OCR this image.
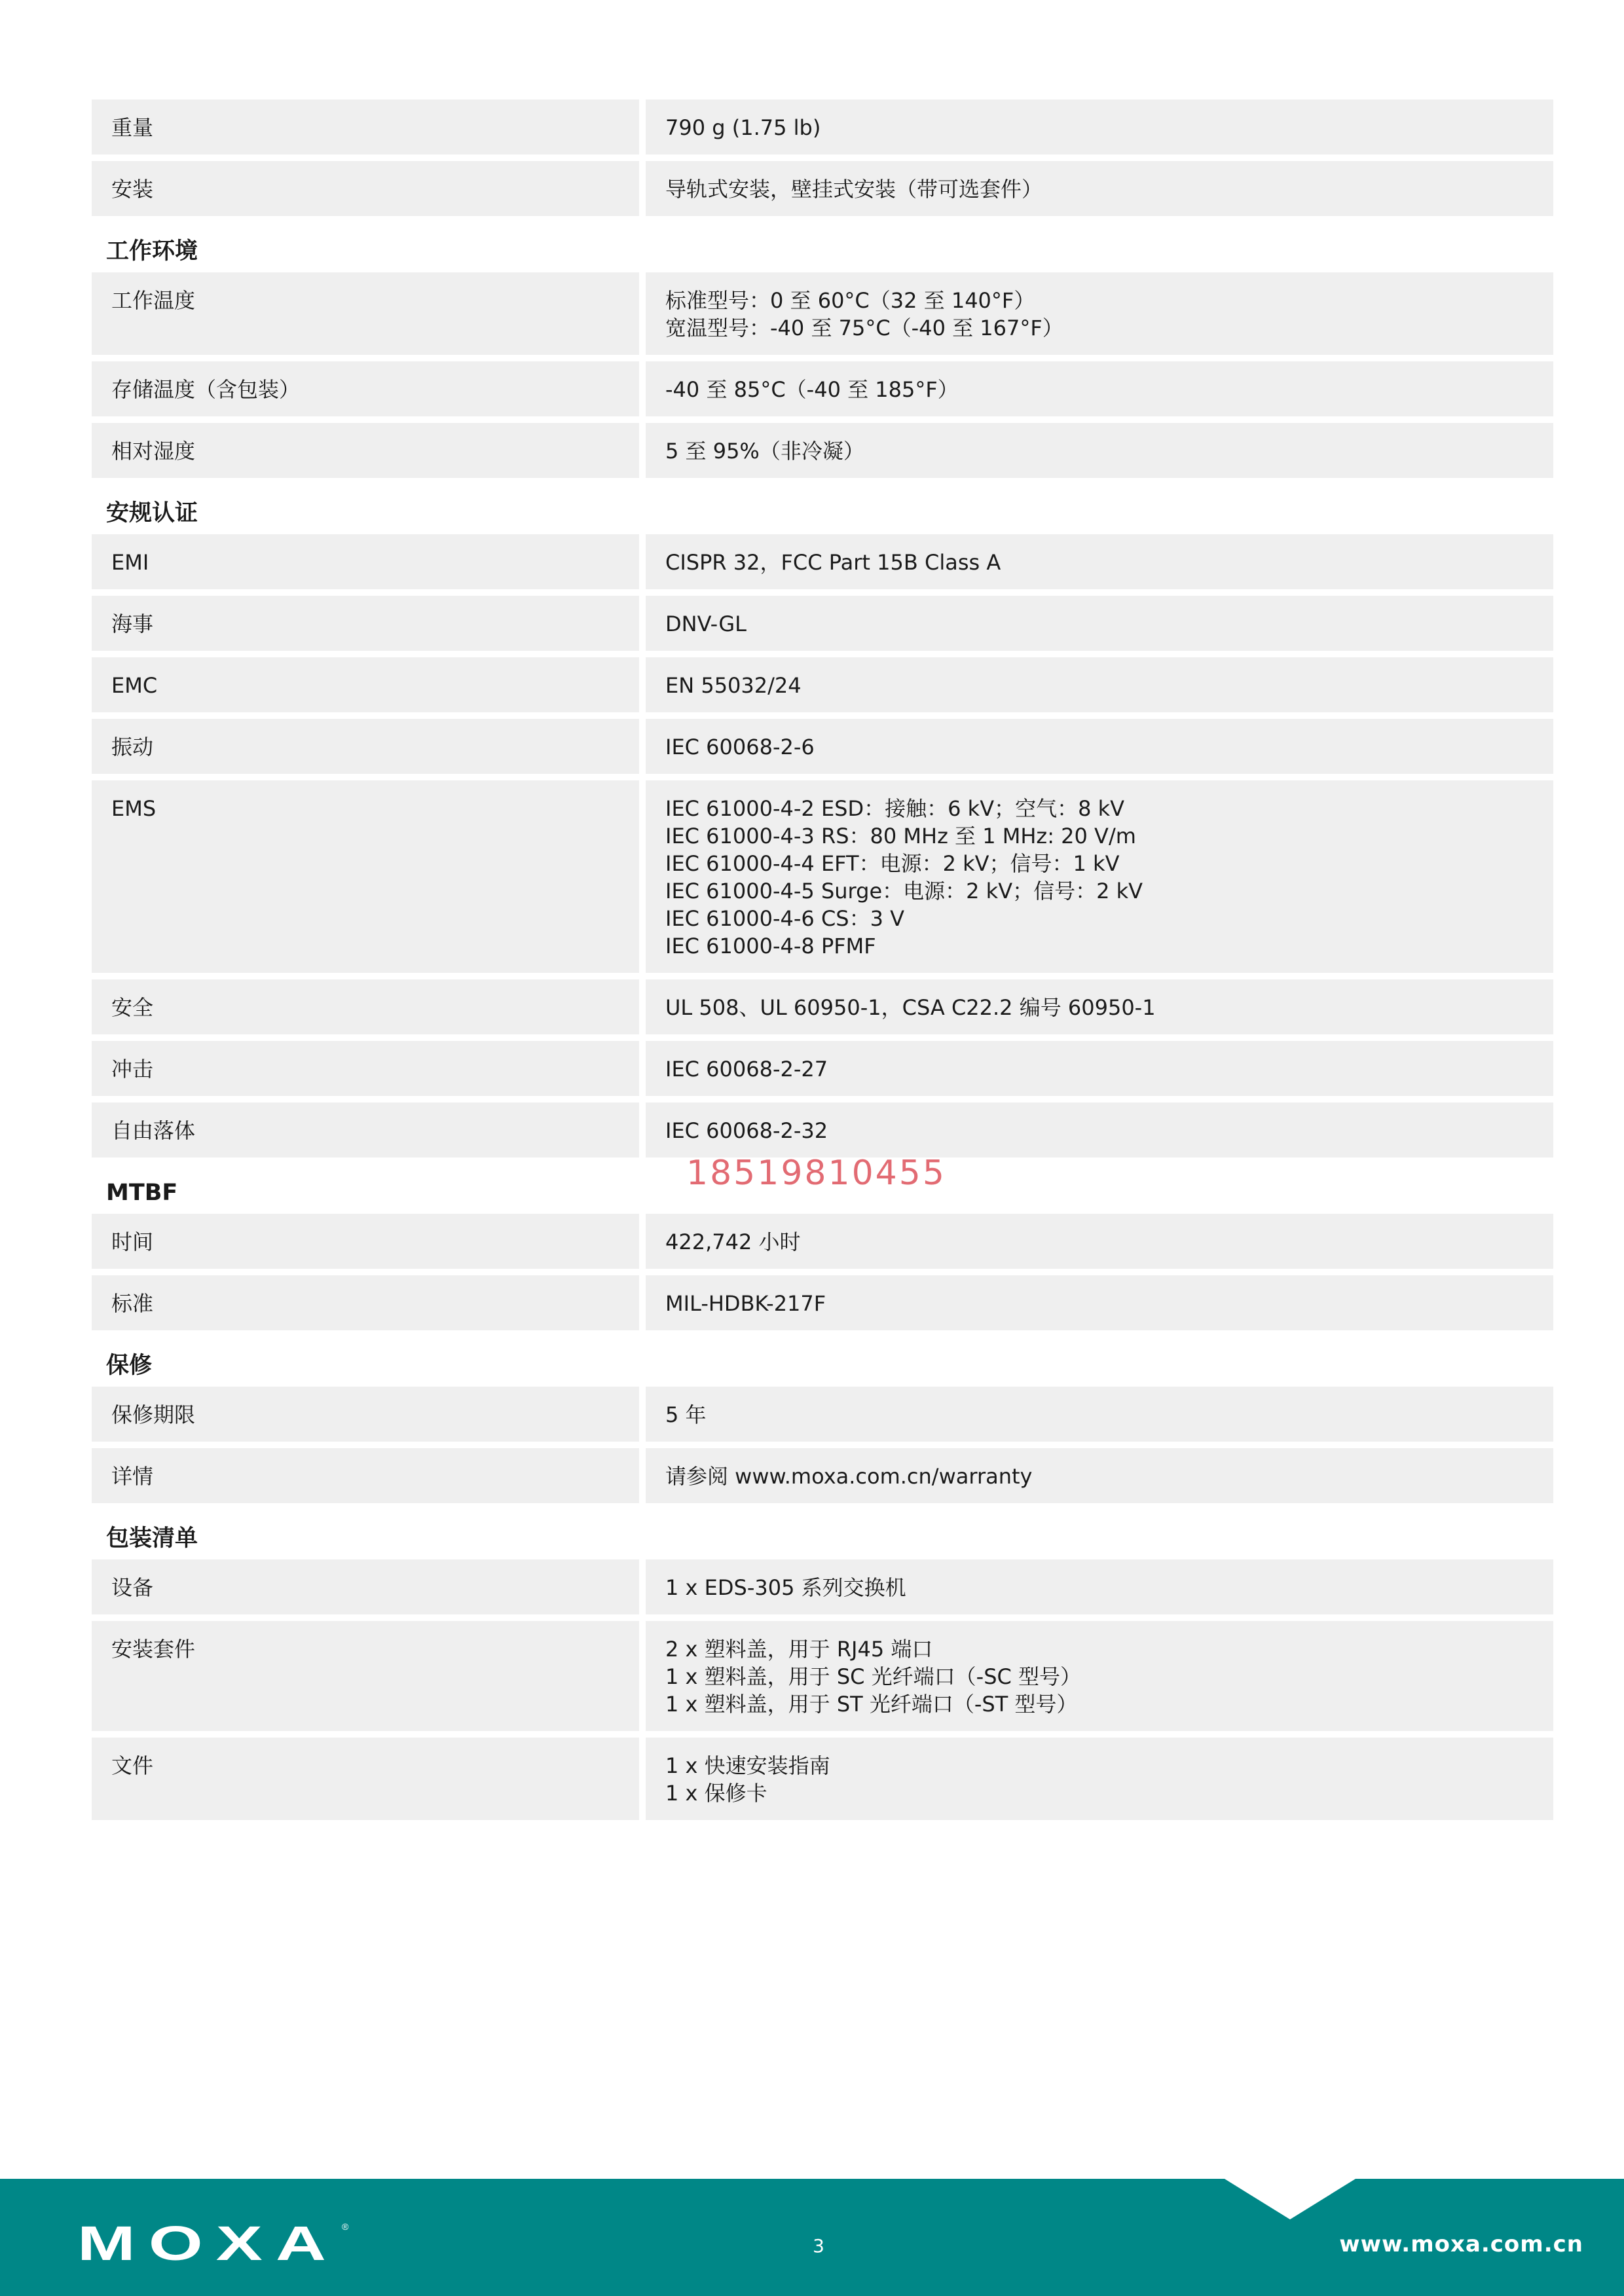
重量	790 g (1.75 lb)
安装	导轨式安装，壁挂式安装（带可选套件）
工作环境
工作温度	标准型号：0 至 60°C（32 至 140°F）
宽温型号：-40 至 75°C（-40 至 167°F）
存储温度（含包装）	-40 至 85°C（-40 至 185°F）
相对湿度	5 至 95%（非冷凝）
安规认证
EMI	CISPR 32，FCC Part 15B Class A
海事	DNV-GL
EMC	EN 55032/24
振动	IEC 60068-2-6
EMS	IEC 61000-4-2 ESD：接触：6 kV；空气：8 kV
IEC 61000-4-3 RS：80 MHz 至 1 MHz: 20 V/m
IEC 61000-4-4 EFT：电源：2 kV；信号：1 kV
IEC 61000-4-5 Surge：电源：2 kV；信号：2 kV
IEC 61000-4-6 CS：3 V
IEC 61000-4-8 PFMF
安全	UL 508、UL 60950-1，CSA C22.2 编号 60950-1
冲击	IEC 60068-2-27
自由落体	IEC 60068-2-32
MTBF
时间	422,742 小时
标准	MIL-HDBK-217F
保修
保修期限	5 年
详情	请参阅 www.moxa.com.cn/warranty
包装清单
设备	1 x EDS-305 系列交换机
安装套件	2 x 塑料盖，用于 RJ45 端口
1 x 塑料盖，用于 SC 光纤端口（-SC 型号）
1 x 塑料盖，用于 ST 光纤端口（-ST 型号）
文件	1 x 快速安装指南
1 x 保修卡
18519810455
MOXA ®
3	www.moxa.com.cn
